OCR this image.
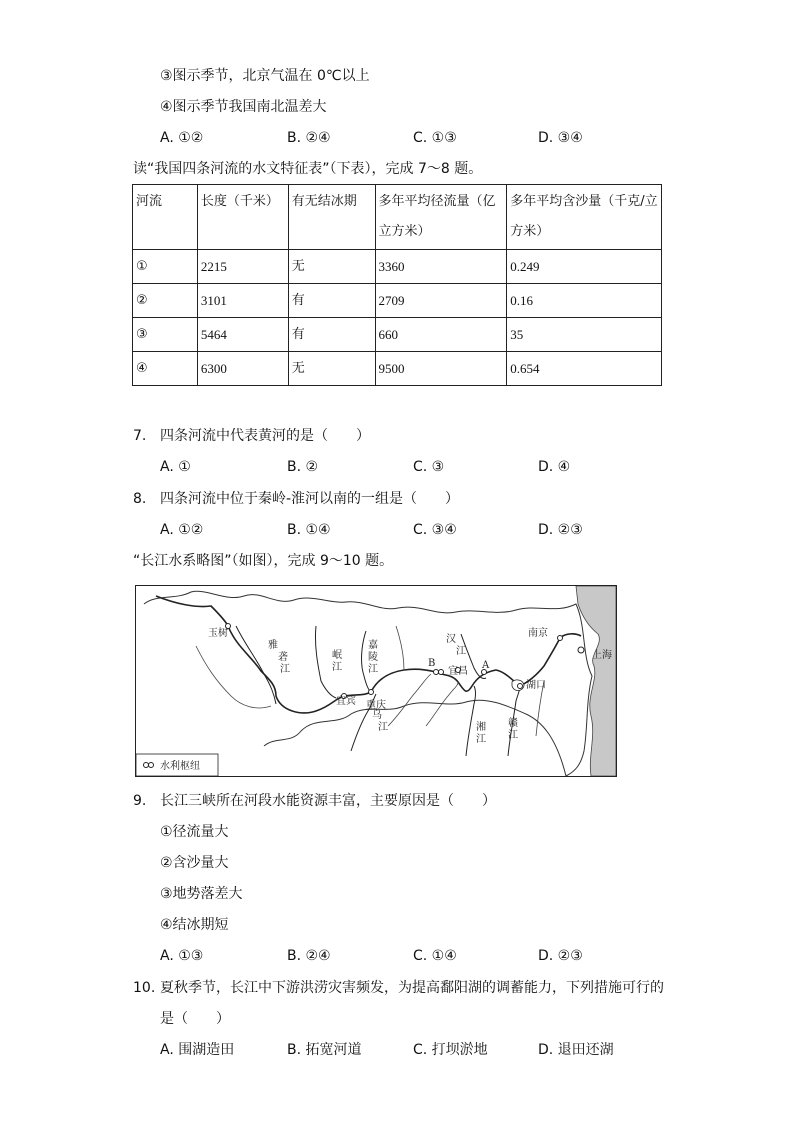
③图示季节，北京气温在 0℃以上
④图示季节我国南北温差大
A. ①②	B. ②④	C. ①③	D. ③④
读“我国四条河流的水文特征表”（下表），完成 7～8 题。
河流	长度（千米）	有无结冰期	多年平均径流量（亿立方米）	多年平均含沙量（千克/立方米）
①	2215	无	3360	0.249
②	3101	有	2709	0.16
③	5464	有	660	35
④	6300	无	9500	0.654
7. 四条河流中代表黄河的是（　　）
A. ①	B. ②	C. ③	D. ④
8. 四条河流中位于秦岭-淮河以南的一组是（　　）
A. ①②	B. ①④	C. ③④	D. ②③
“长江水系略图”（如图），完成 9～10 题。
玉树
雅
砻
江
岷
江
嘉
陵
江
汉
江
南京
上海
B
宜昌
A
宜宾 重庆
乌
江	湘
江
赣
江
湖口
水利枢纽
9. 长江三峡所在河段水能资源丰富，主要原因是（　　）
①径流量大
②含沙量大
③地势落差大
④结冰期短
A. ①③	B. ②④	C. ①④	D. ②③
10. 夏秋季节，长江中下游洪涝灾害频发，为提高鄱阳湖的调蓄能力，下列措施可行的
是（　　）
A. 围湖造田	B. 拓宽河道	C. 打坝淤地	D. 退田还湖
